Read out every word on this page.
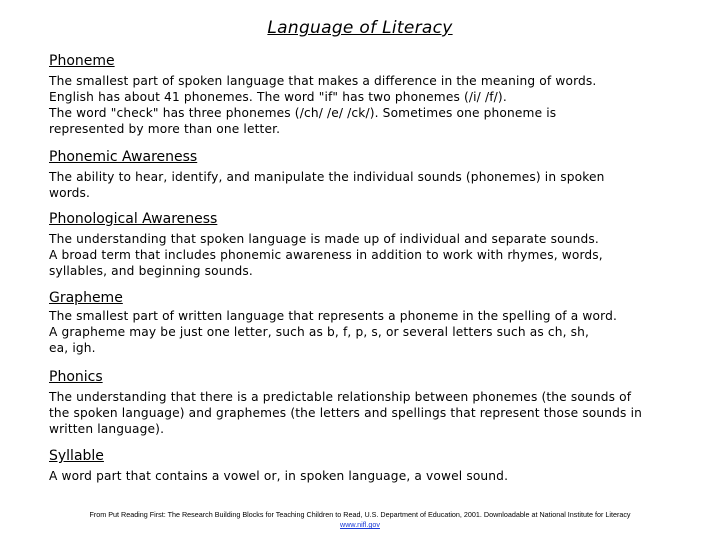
Language of Literacy
Phoneme

The smallest part of spoken language that makes a difference in the meaning of words.

English has about 41 phonemes. The word "if" has two phonemes (/i/ /f/).

The word "check" has three phonemes (/ch/ /e/ /ck/). Sometimes one phoneme is

represented by more than one letter.

Phonemic Awareness

The ability to hear, identify, and manipulate the individual sounds (phonemes) in spoken

words.

Phonological Awareness

The understanding that spoken language is made up of individual and separate sounds.

A broad term that includes phonemic awareness in addition to work with rhymes, words,

syllables, and beginning sounds.

Grapheme

The smallest part of written language that represents a phoneme in the spelling of a word.

A grapheme may be just one letter, such as b, f, p, s, or several letters such as ch, sh,

ea, igh.

Phonics

The understanding that there is a predictable relationship between phonemes (the sounds of

the spoken language) and graphemes (the letters and spellings that represent those sounds in

written language).

Syllable

A word part that contains a vowel or, in spoken language, a vowel sound.

From Put Reading First: The Research Building Blocks for Teaching Children to Read, U.S. Department of Education, 2001. Downloadable at National Institute for Literacy
www.nifl.gov
